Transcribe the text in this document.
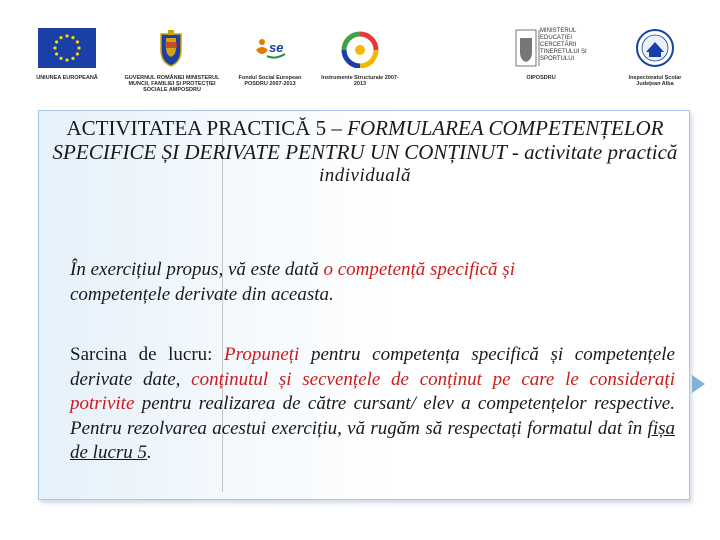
UNIUNEA EUROPEANĂ	GUVERNUL ROMÂNIEI MINISTERUL MUNCII, FAMILIEI ȘI PROTECȚIEI SOCIALE AMPOSDRU
se
Fondul Social European POSDRU 2007-2013
Instrumente Structurale 2007-2013
MINISTERUL EDUCAȚIEI CERCETĂRII TINERETULUI ȘI SPORTULUI
OIPOSDRU	Inspectoratul Școlar Județean Alba
ACTIVITATEA PRACTICĂ 5 – FORMULAREA COMPETENȚELOR SPECIFICE ȘI DERIVATE PENTRU UN CONȚINUT - activitate practică
individuală
În exercițiul propus, vă este dată o competență specifică și
competențele derivate din aceasta.
Sarcina de lucru: Propuneți pentru competența specifică și competențele derivate date, conținutul și secvențele de conținut pe care le considerați potrivite pentru realizarea de către cursant/ elev a competențelor respective. Pentru rezolvarea acestui exercițiu, vă rugăm să respectați formatul dat în fișa de lucru 5.
